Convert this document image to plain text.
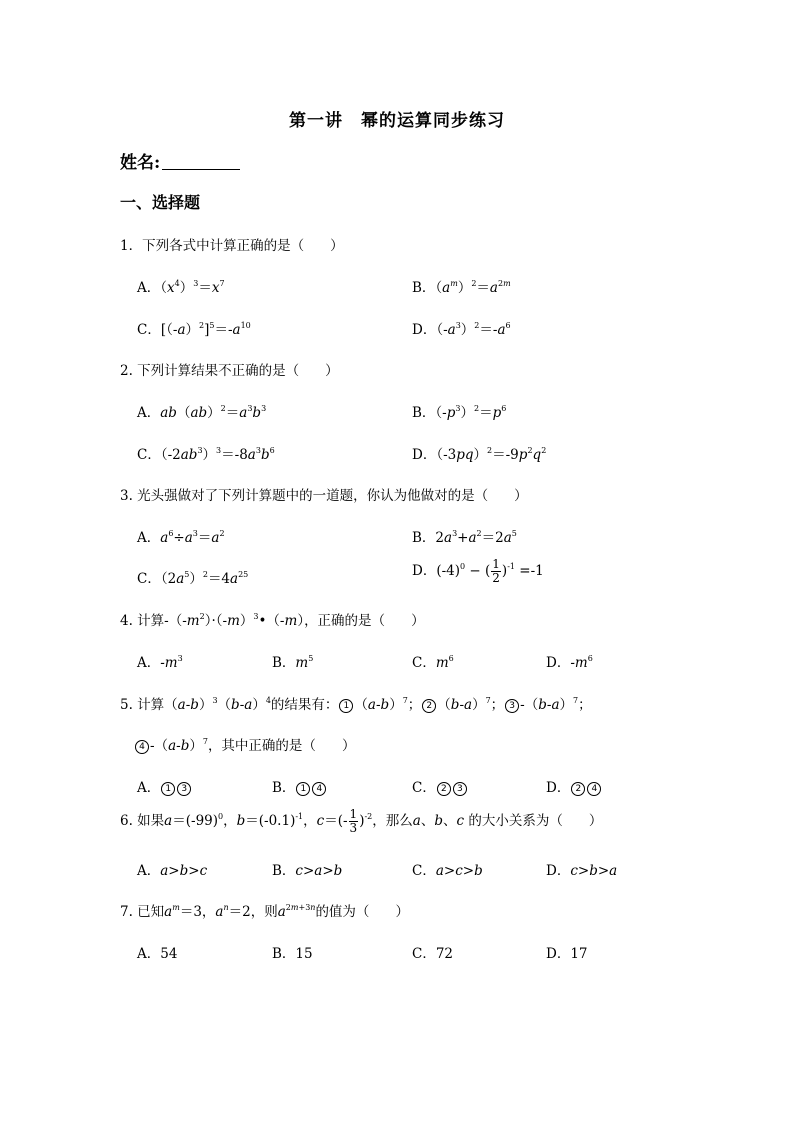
第一讲　幂的运算同步练习
姓名:
一、选择题
1．下列各式中计算正确的是（ ）
A．$(x^4)^3=x^7$	B．$(a^m)^2=a^{2m}$
C．$[(-a)^2]^5=-a^{10}$	D．$(-a^3)^2=-a^6$
2. 下列计算结果不正确的是（ ）
A．$ab(ab)^2=a^3b^3$	B．$(-p^3)^2=p^6$
C．$(-2ab^3)^3=-8a^3b^6$	D．$(-3pq)^2=-9p^2q^2$
3. 光头强做对了下列计算题中的一道题，你认为他做对的是（ ）
A．$a^6\div a^3=a^2$	B．$2a^3+a^2=2a^5$
C．$(2a^5)^2=4a^{25}$	D．$(-4)^0$ − ( $\frac{1}{2} )^{-1} =-1$
4. 计算$-(-m^2)\cdot(-m)^3•(-m)$，正确的是（ ）
A．$-m^3$	B．$m^5$	C．$m^6$	D．$-m^6$
5. 计算$(a-b)^3(b-a)^4$的结果有： 1 $(a-b)^7$； 2 $(b-a)^7$； 3 $-(b-a)^7$；
4 $-(a-b)^7$，其中正确的是（ ）
A． 1 3	B． 1 4	C． 2 3	D． 2 4
6. 如果$a=(-99)^0$，$b=(-0.1)^{-1}$，$c=(- \frac{1}{3} )^{-2}$，那么a、b、c 的大小关系为（ ）
A．a>b>c	B．c>a>b	C．a>c>b	D．c>b>a
7. 已知$a^m=3$，$a^n=2$，则$a^{2m+3n}$的值为（ ）
A．54	B．15	C．72	D．17
